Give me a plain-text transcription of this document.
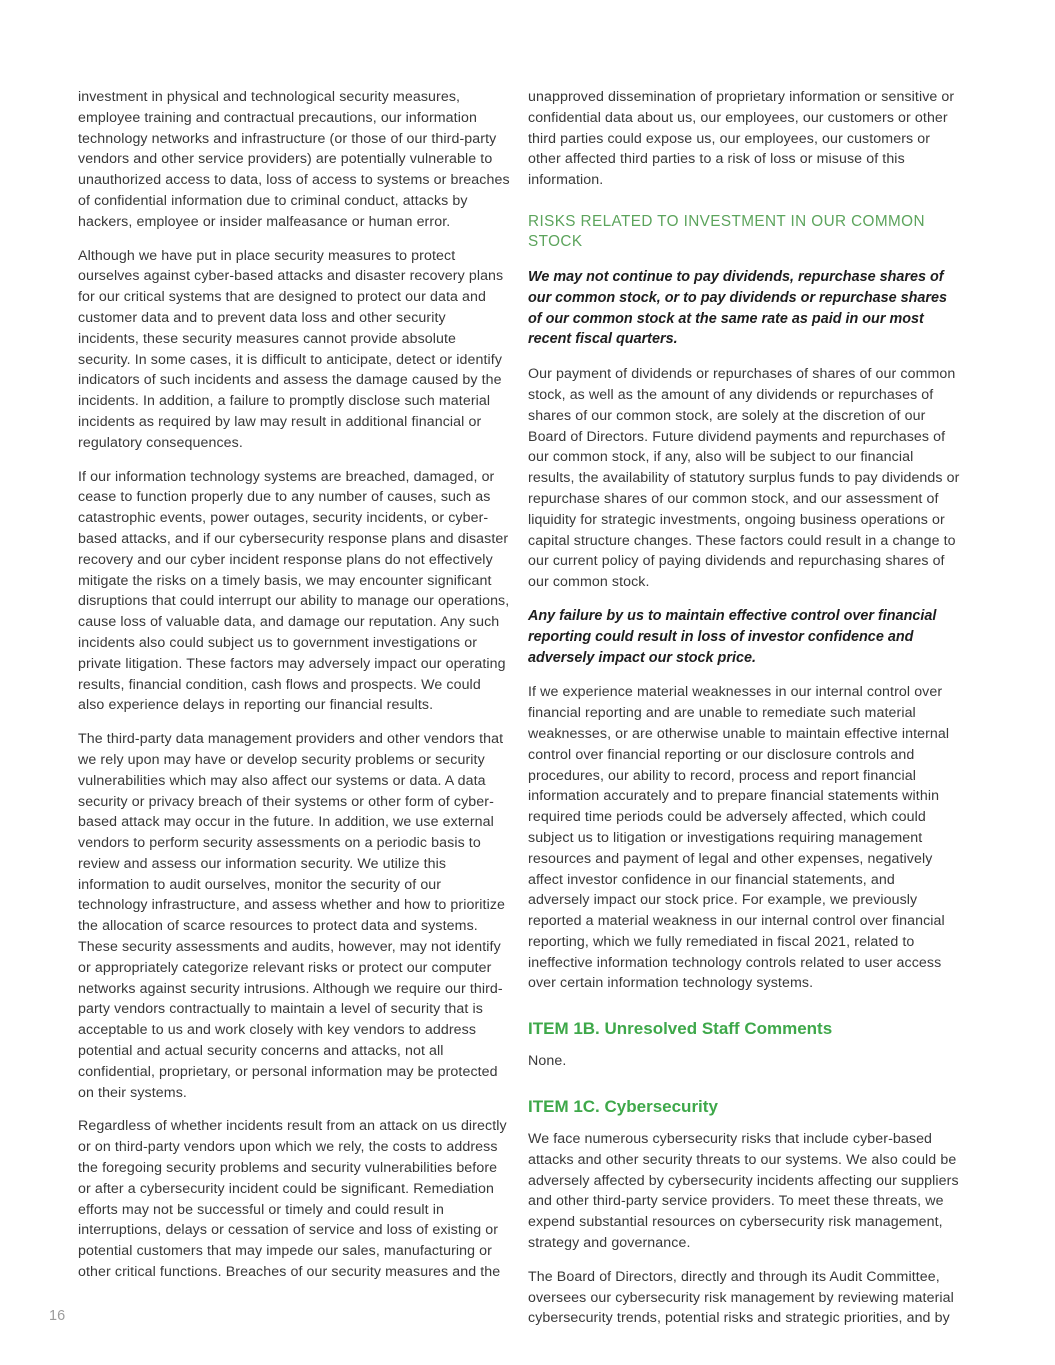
investment in physical and technological security measures, employee training and contractual precautions, our information technology networks and infrastructure (or those of our third-party vendors and other service providers) are potentially vulnerable to unauthorized access to data, loss of access to systems or breaches of confidential information due to criminal conduct, attacks by hackers, employee or insider malfeasance or human error.

Although we have put in place security measures to protect ourselves against cyber-based attacks and disaster recovery plans for our critical systems that are designed to protect our data and customer data and to prevent data loss and other security incidents, these security measures cannot provide absolute security. In some cases, it is difficult to anticipate, detect or identify indicators of such incidents and assess the damage caused by the incidents. In addition, a failure to promptly disclose such material incidents as required by law may result in additional financial or regulatory consequences.

If our information technology systems are breached, damaged, or cease to function properly due to any number of causes, such as catastrophic events, power outages, security incidents, or cyber-based attacks, and if our cybersecurity response plans and disaster recovery and our cyber incident response plans do not effectively mitigate the risks on a timely basis, we may encounter significant disruptions that could interrupt our ability to manage our operations, cause loss of valuable data, and damage our reputation. Any such incidents also could subject us to government investigations or private litigation. These factors may adversely impact our operating results, financial condition, cash flows and prospects. We could also experience delays in reporting our financial results.

The third-party data management providers and other vendors that we rely upon may have or develop security problems or security vulnerabilities which may also affect our systems or data. A data security or privacy breach of their systems or other form of cyber-based attack may occur in the future. In addition, we use external vendors to perform security assessments on a periodic basis to review and assess our information security. We utilize this information to audit ourselves, monitor the security of our technology infrastructure, and assess whether and how to prioritize the allocation of scarce resources to protect data and systems. These security assessments and audits, however, may not identify or appropriately categorize relevant risks or protect our computer networks against security intrusions. Although we require our third-party vendors contractually to maintain a level of security that is acceptable to us and work closely with key vendors to address potential and actual security concerns and attacks, not all confidential, proprietary, or personal information may be protected on their systems.

Regardless of whether incidents result from an attack on us directly or on third-party vendors upon which we rely, the costs to address the foregoing security problems and security vulnerabilities before or after a cybersecurity incident could be significant. Remediation efforts may not be successful or timely and could result in interruptions, delays or cessation of service and loss of existing or potential customers that may impede our sales, manufacturing or other critical functions. Breaches of our security measures and the

unapproved dissemination of proprietary information or sensitive or confidential data about us, our employees, our customers or other third parties could expose us, our employees, our customers or other affected third parties to a risk of loss or misuse of this information.

RISKS RELATED TO INVESTMENT IN OUR COMMON STOCK

We may not continue to pay dividends, repurchase shares of our common stock, or to pay dividends or repurchase shares of our common stock at the same rate as paid in our most recent fiscal quarters.

Our payment of dividends or repurchases of shares of our common stock, as well as the amount of any dividends or repurchases of shares of our common stock, are solely at the discretion of our Board of Directors. Future dividend payments and repurchases of our common stock, if any, also will be subject to our financial results, the availability of statutory surplus funds to pay dividends or repurchase shares of our common stock, and our assessment of liquidity for strategic investments, ongoing business operations or capital structure changes. These factors could result in a change to our current policy of paying dividends and repurchasing shares of our common stock.

Any failure by us to maintain effective control over financial reporting could result in loss of investor confidence and adversely impact our stock price.

If we experience material weaknesses in our internal control over financial reporting and are unable to remediate such material weaknesses, or are otherwise unable to maintain effective internal control over financial reporting or our disclosure controls and procedures, our ability to record, process and report financial information accurately and to prepare financial statements within required time periods could be adversely affected, which could subject us to litigation or investigations requiring management resources and payment of legal and other expenses, negatively affect investor confidence in our financial statements, and adversely impact our stock price. For example, we previously reported a material weakness in our internal control over financial reporting, which we fully remediated in fiscal 2021, related to ineffective information technology controls related to user access over certain information technology systems.

ITEM 1B. Unresolved Staff Comments

None.

ITEM 1C. Cybersecurity

We face numerous cybersecurity risks that include cyber-based attacks and other security threats to our systems. We also could be adversely affected by cybersecurity incidents affecting our suppliers and other third-party service providers. To meet these threats, we expend substantial resources on cybersecurity risk management, strategy and governance.

The Board of Directors, directly and through its Audit Committee, oversees our cybersecurity risk management by reviewing material cybersecurity trends, potential risks and strategic priorities, and by

16
